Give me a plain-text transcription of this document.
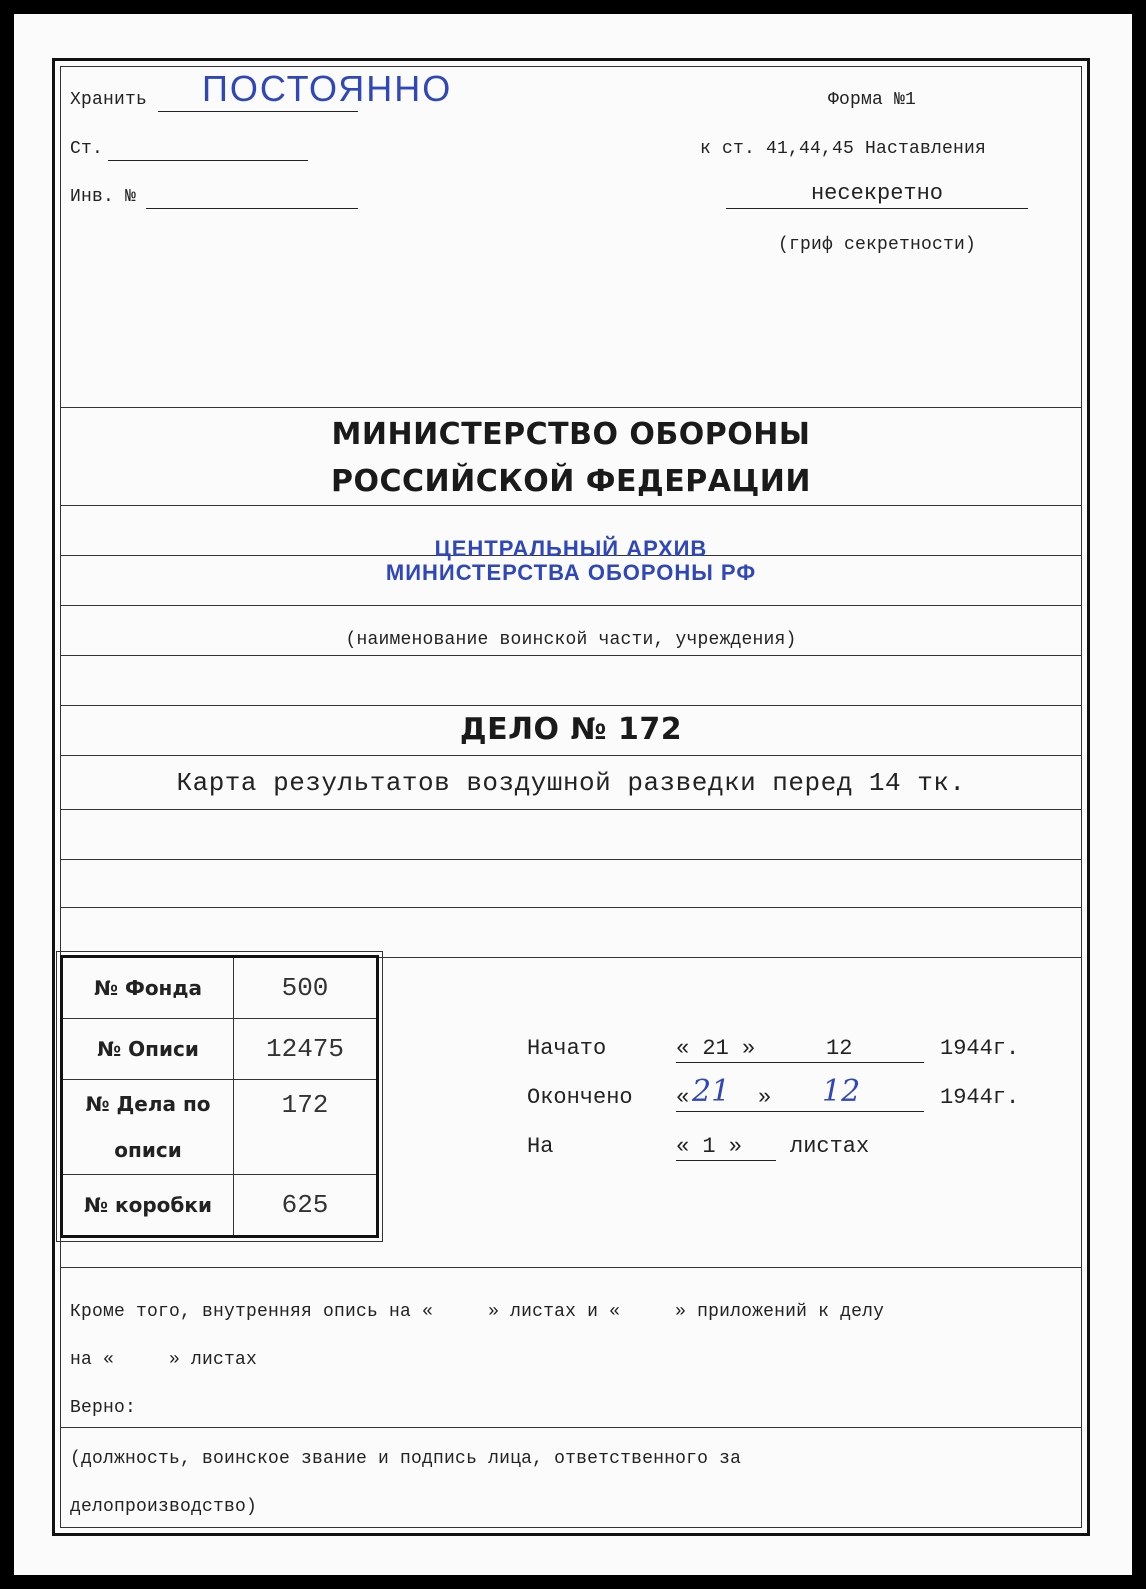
Хранить ПОСТОЯННО
Ст.
Инв. №
Форма №1
к ст. 41,44,45 Наставления
несекретно
(гриф секретности)
МИНИСТЕРСТВО ОБОРОНЫ
РОССИЙСКОЙ ФЕДЕРАЦИИ
ЦЕНТРАЛЬНЫЙ АРХИВ
МИНИСТЕРСТВА ОБОРОНЫ РФ
(наименование воинской части, учреждения)
ДЕЛО № 172
Карта результатов воздушной разведки перед 14 тк.
№ Фонда	500
№ Описи	12475
№ Дела по описи	172
№ коробки	625
Начато	« 21 »	12	1944г.
Окончено « 21 » 12	1944г.
На	« 1 » листах
Кроме того, внутренняя опись на «     » листах и «     » приложений к делу
на «     » листах
Верно:
(должность, воинское звание и подпись лица, ответственного за
делопроизводство)
